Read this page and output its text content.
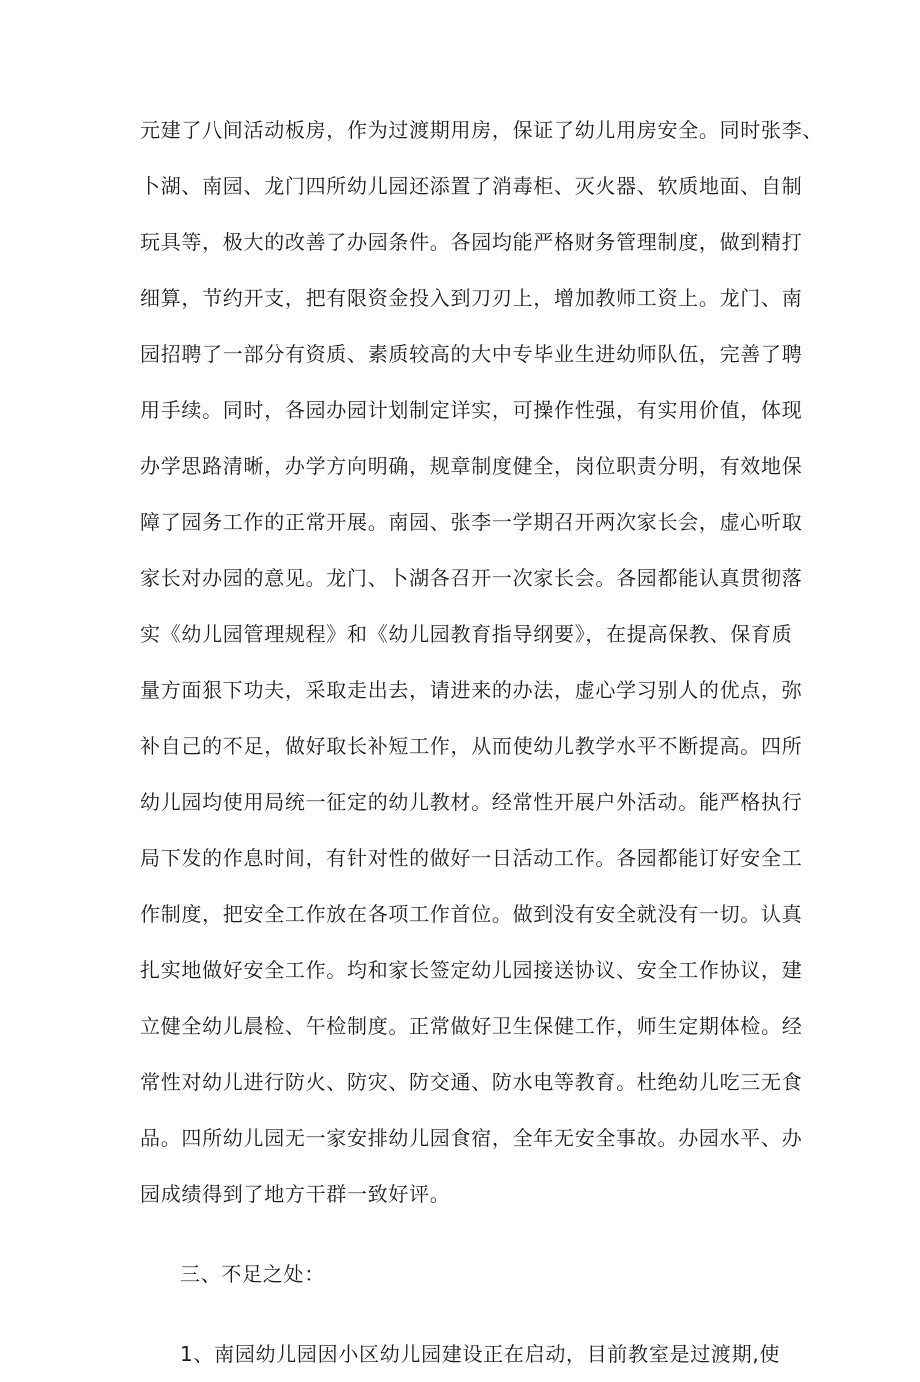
元建了八间活动板房，作为过渡期用房，保证了幼儿用房安全。同时张李、
卜湖、南园、龙门四所幼儿园还添置了消毒柜、灭火器、软质地面、自制
玩具等，极大的改善了办园条件。各园均能严格财务管理制度，做到精打
细算，节约开支，把有限资金投入到刀刃上，增加教师工资上。龙门、南
园招聘了一部分有资质、素质较高的大中专毕业生进幼师队伍，完善了聘
用手续。同时，各园办园计划制定详实，可操作性强，有实用价值，体现
办学思路清晰，办学方向明确，规章制度健全，岗位职责分明，有效地保
障了园务工作的正常开展。南园、张李一学期召开两次家长会，虚心听取
家长对办园的意见。龙门、卜湖各召开一次家长会。各园都能认真贯彻落
实《幼儿园管理规程》和《幼儿园教育指导纲要》，在提高保教、保育质
量方面狠下功夫，采取走出去，请进来的办法，虚心学习别人的优点，弥
补自己的不足，做好取长补短工作，从而使幼儿教学水平不断提高。四所
幼儿园均使用局统一征定的幼儿教材。经常性开展户外活动。能严格执行
局下发的作息时间，有针对性的做好一日活动工作。各园都能订好安全工
作制度，把安全工作放在各项工作首位。做到没有安全就没有一切。认真
扎实地做好安全工作。均和家长签定幼儿园接送协议、安全工作协议，建
立健全幼儿晨检、午检制度。正常做好卫生保健工作，师生定期体检。经
常性对幼儿进行防火、防灾、防交通、防水电等教育。杜绝幼儿吃三无食
品。四所幼儿园无一家安排幼儿园食宿，全年无安全事故。办园水平、办
园成绩得到了地方干群一致好评。
三、不足之处：
1、南园幼儿园因小区幼儿园建设正在启动，目前教室是过渡期,使
